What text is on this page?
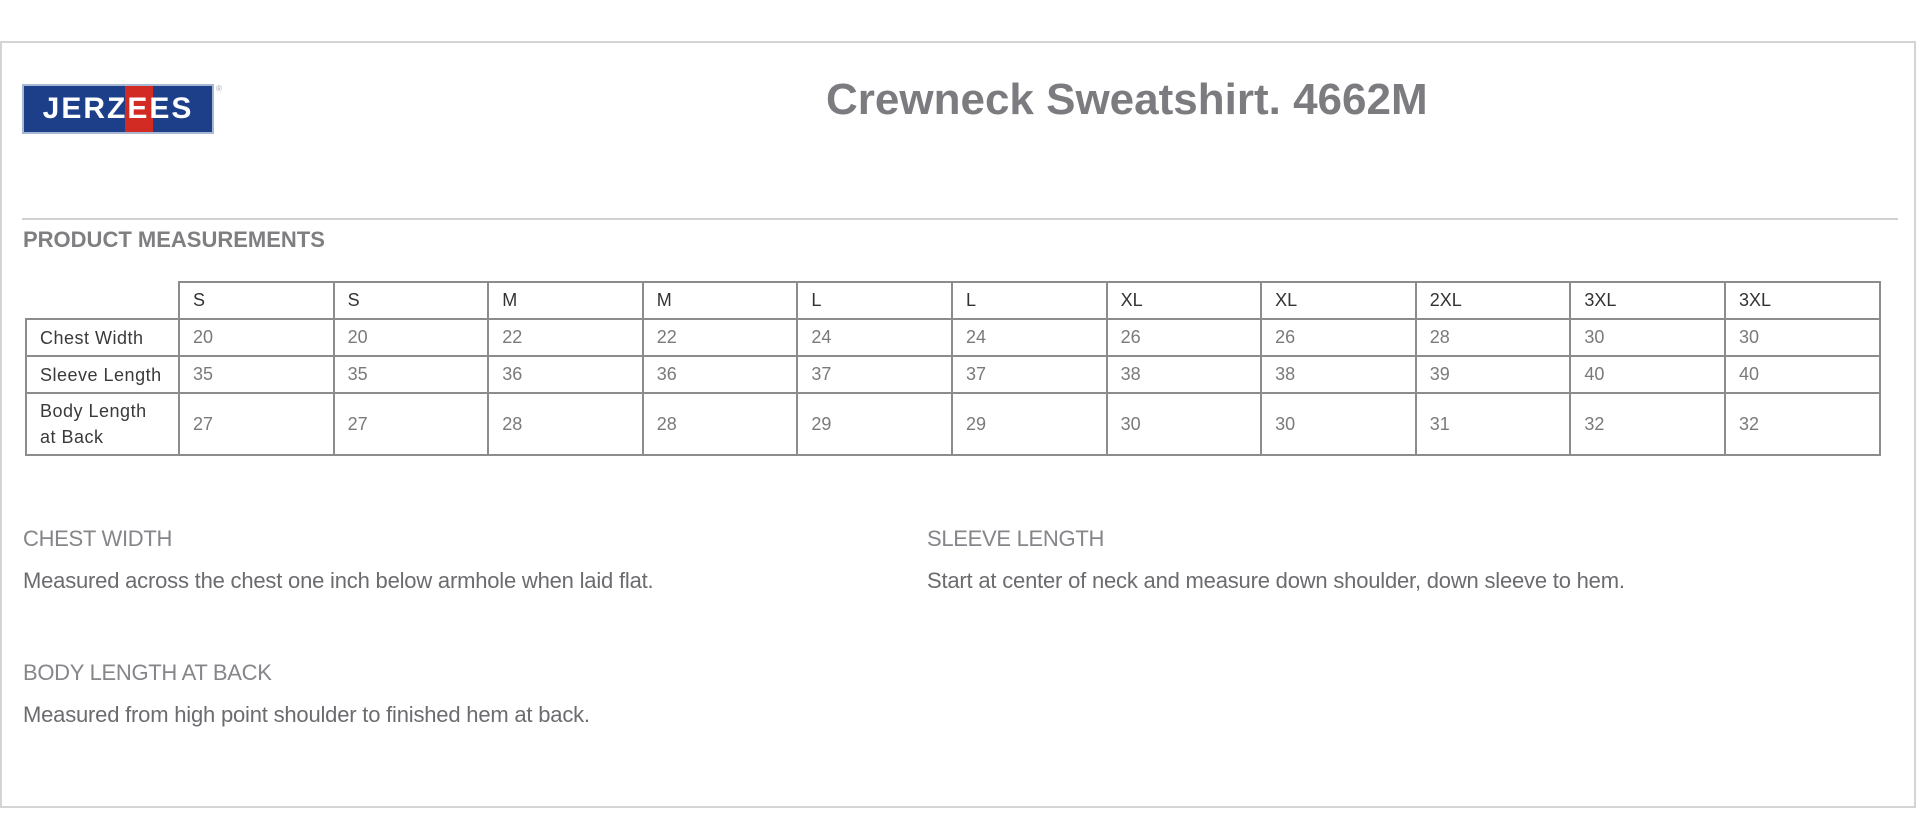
JERZEES
®	Crewneck Sweatshirt. 4662M
PRODUCT MEASUREMENTS
	S	S	M	M	L	L	XL	XL	2XL	3XL	3XL
Chest Width	20	20	22	22	24	24	26	26	28	30	30
Sleeve Length	35	35	36	36	37	37	38	38	39	40	40
Body Length
at Back	27	27	28	28	29	29	30	30	31	32	32
CHEST WIDTH
Measured across the chest one inch below armhole when laid flat.
SLEEVE LENGTH
Start at center of neck and measure down shoulder, down sleeve to hem.
BODY LENGTH AT BACK
Measured from high point shoulder to finished hem at back.
